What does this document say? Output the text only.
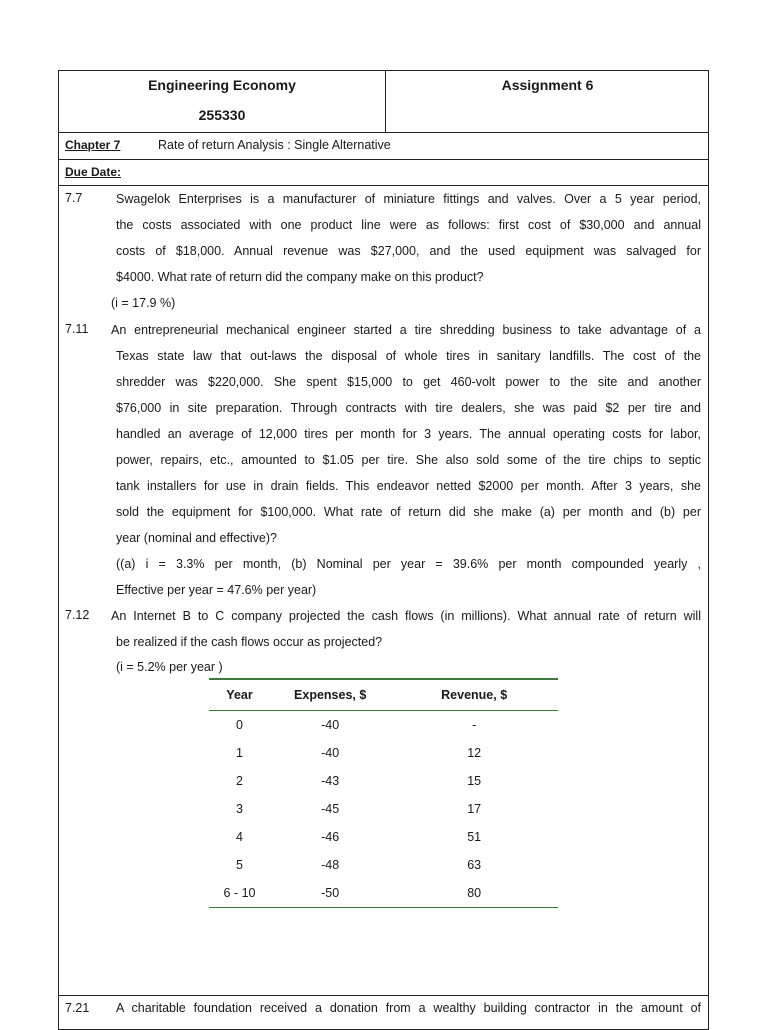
Engineering Economy
255330
Assignment 6
Chapter 7	Rate of return Analysis : Single Alternative
Due Date:
7.7	Swagelok Enterprises is a manufacturer of miniature fittings and valves. Over a 5 year period,
the costs associated with one product line were as follows: first cost of $30,000 and annual
costs of $18,000. Annual revenue was $27,000, and the used equipment was salvaged for
$4000. What rate of return did the company make on this product?
(i = 17.9 %)
7.11 An entrepreneurial mechanical engineer started a tire shredding business to take advantage of a
Texas state law that out-laws the disposal of whole tires in sanitary landfills. The cost of the
shredder was $220,000. She spent $15,000 to get 460-volt power to the site and another
$76,000 in site preparation. Through contracts with tire dealers, she was paid $2 per tire and
handled an average of 12,000 tires per month for 3 years. The annual operating costs for labor,
power, repairs, etc., amounted to $1.05 per tire. She also sold some of the tire chips to septic
tank installers for use in drain fields. This endeavor netted $2000 per month. After 3 years, she
sold the equipment for $100,000. What rate of return did she make (a) per month and (b) per
year (nominal and effective)?
((a) i = 3.3% per month, (b) Nominal per year = 39.6% per month compounded yearly ,
Effective per year = 47.6% per year)
7.12 An Internet B to C company projected the cash flows (in millions). What annual rate of return will
be realized if the cash flows occur as projected?
(i = 5.2% per year )
Year	Expenses, $	Revenue, $
0	-40	-
1	-40	12
2	-43	15
3	-45	17
4	-46	51
5	-48	63
6 - 10	-50	80
7.21 A charitable foundation received a donation from a wealthy building contractor in the amount of
